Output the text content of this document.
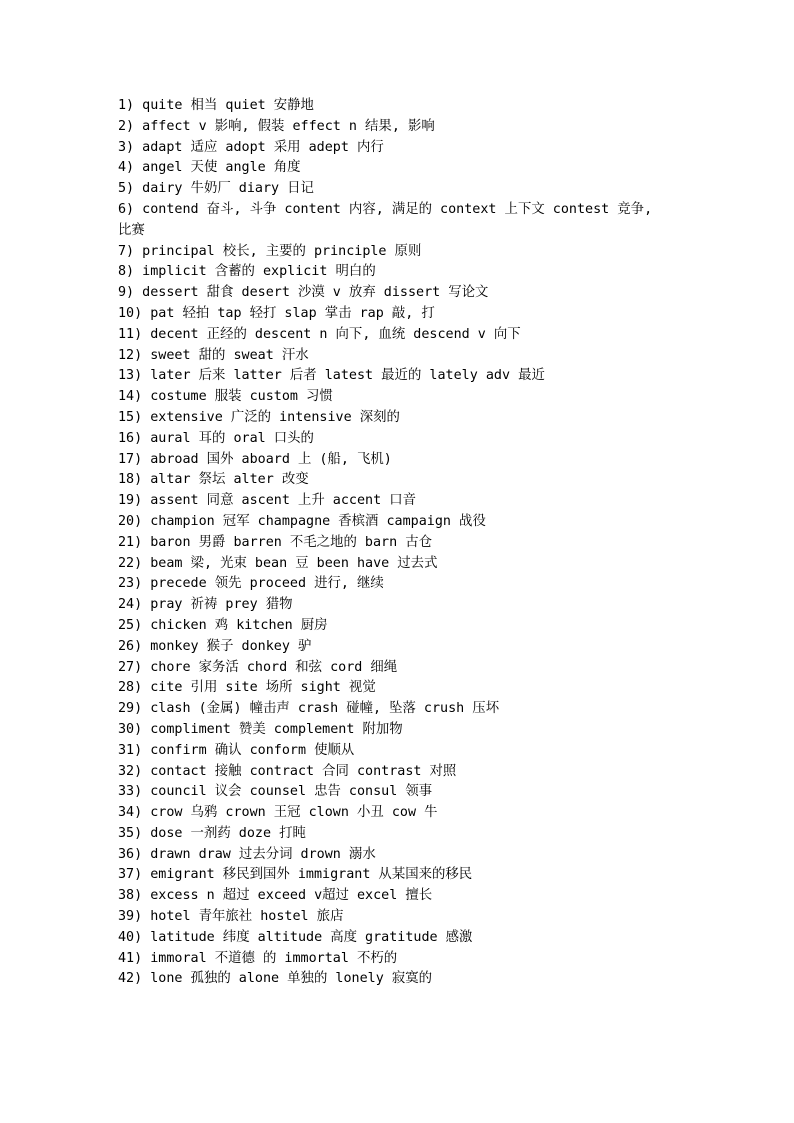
1) quite 相当 quiet 安静地
2) affect v 影响, 假装 effect n 结果, 影响
3) adapt 适应 adopt 采用 adept 内行
4) angel 天使 angle 角度
5) dairy 牛奶厂 diary 日记
6) contend 奋斗, 斗争 content 内容, 满足的 context 上下文 contest 竞争,
比赛
7) principal 校长, 主要的 principle 原则
8) implicit 含蓄的 explicit 明白的
9) dessert 甜食 desert 沙漠 v 放弃 dissert 写论文
10) pat 轻拍 tap 轻打 slap 掌击 rap 敲, 打
11) decent 正经的 descent n 向下, 血统 descend v 向下
12) sweet 甜的 sweat 汗水
13) later 后来 latter 后者 latest 最近的 lately adv 最近
14) costume 服装 custom 习惯
15) extensive 广泛的 intensive 深刻的
16) aural 耳的 oral 口头的
17) abroad 国外 aboard 上 (船, 飞机)
18) altar 祭坛 alter 改变
19) assent 同意 ascent 上升 accent 口音
20) champion 冠军 champagne 香槟酒 campaign 战役
21) baron 男爵 barren 不毛之地的 barn 古仓
22) beam 梁, 光束 bean 豆 been have 过去式
23) precede 领先 proceed 进行, 继续
24) pray 祈祷 prey 猎物
25) chicken 鸡 kitchen 厨房
26) monkey 猴子 donkey 驴
27) chore 家务活 chord 和弦 cord 细绳
28) cite 引用 site 场所 sight 视觉
29) clash (金属) 幢击声 crash 碰幢, 坠落 crush 压坏
30) compliment 赞美 complement 附加物
31) confirm 确认 conform 使顺从
32) contact 接触 contract 合同 contrast 对照
33) council 议会 counsel 忠告 consul 领事
34) crow 乌鸦 crown 王冠 clown 小丑 cow 牛
35) dose 一剂药 doze 打盹
36) drawn draw 过去分词 drown 溺水
37) emigrant 移民到国外 immigrant 从某国来的移民
38) excess n 超过 exceed v超过 excel 擅长
39) hotel 青年旅社 hostel 旅店
40) latitude 纬度 altitude 高度 gratitude 感激
41) immoral 不道德 的 immortal 不朽的
42) lone 孤独的 alone 单独的 lonely 寂寞的
